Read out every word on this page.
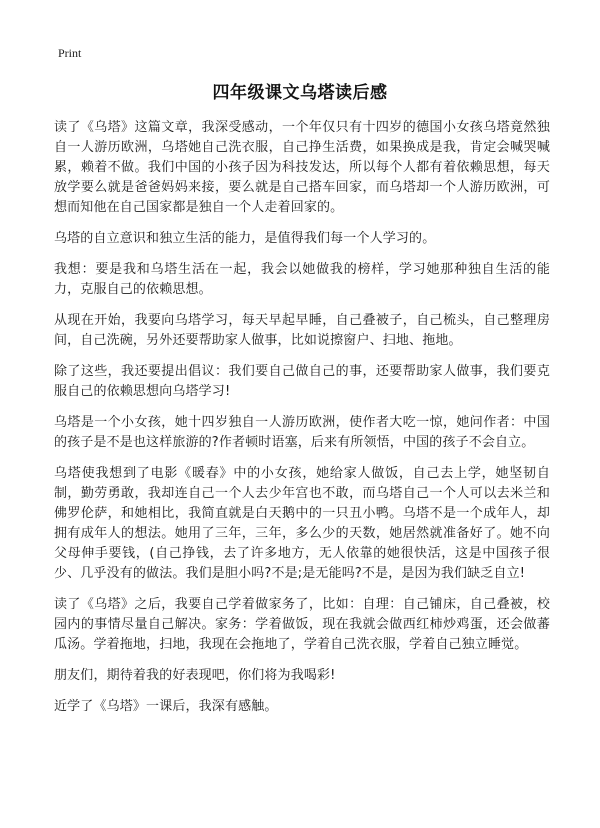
Print
四年级课文乌塔读后感

读了《乌塔》这篇文章，我深受感动，一个年仅只有十四岁的德国小女孩乌塔竟然独自一人游历欧洲，乌塔她自己洗衣服，自己挣生活费，如果换成是我，肯定会喊哭喊累，赖着不做。我们中国的小孩子因为科技发达，所以每个人都有着依赖思想，每天放学要么就是爸爸妈妈来接，要么就是自己搭车回家，而乌塔却一个人游历欧洲，可想而知他在自己国家都是独自一个人走着回家的。

乌塔的自立意识和独立生活的能力，是值得我们每一个人学习的。

我想：要是我和乌塔生活在一起，我会以她做我的榜样，学习她那种独自生活的能力，克服自己的依赖思想。

从现在开始，我要向乌塔学习，每天早起早睡，自己叠被子，自己梳头，自己整理房间，自己洗碗，另外还要帮助家人做事，比如说擦窗户、扫地、拖地。

除了这些，我还要提出倡议：我们要自己做自己的事，还要帮助家人做事，我们要克服自己的依赖思想向乌塔学习!

乌塔是一个小女孩，她十四岁独自一人游历欧洲，使作者大吃一惊，她问作者：中国的孩子是不是也这样旅游的?作者顿时语塞，后来有所领悟，中国的孩子不会自立。

乌塔使我想到了电影《暖春》中的小女孩，她给家人做饭，自己去上学，她坚韧自制，勤劳勇敢，我却连自己一个人去少年宫也不敢，而乌塔自己一个人可以去米兰和佛罗伦萨，和她相比，我简直就是白天鹅中的一只丑小鸭。乌塔不是一个成年人，却拥有成年人的想法。她用了三年，三年，多么少的天数，她居然就准备好了。她不向父母伸手要钱，(自己挣钱，去了许多地方，无人依靠的她很快活，这是中国孩子很少、几乎没有的做法。我们是胆小吗?不是;是无能吗?不是，是因为我们缺乏自立!

读了《乌塔》之后，我要自己学着做家务了，比如：自理：自己铺床，自己叠被，校园内的事情尽量自己解决。家务：学着做饭，现在我就会做西红柿炒鸡蛋，还会做蕃瓜汤。学着拖地，扫地，我现在会拖地了，学着自己洗衣服，学着自己独立睡觉。

朋友们，期待着我的好表现吧，你们将为我喝彩!

近学了《乌塔》一课后，我深有感触。
